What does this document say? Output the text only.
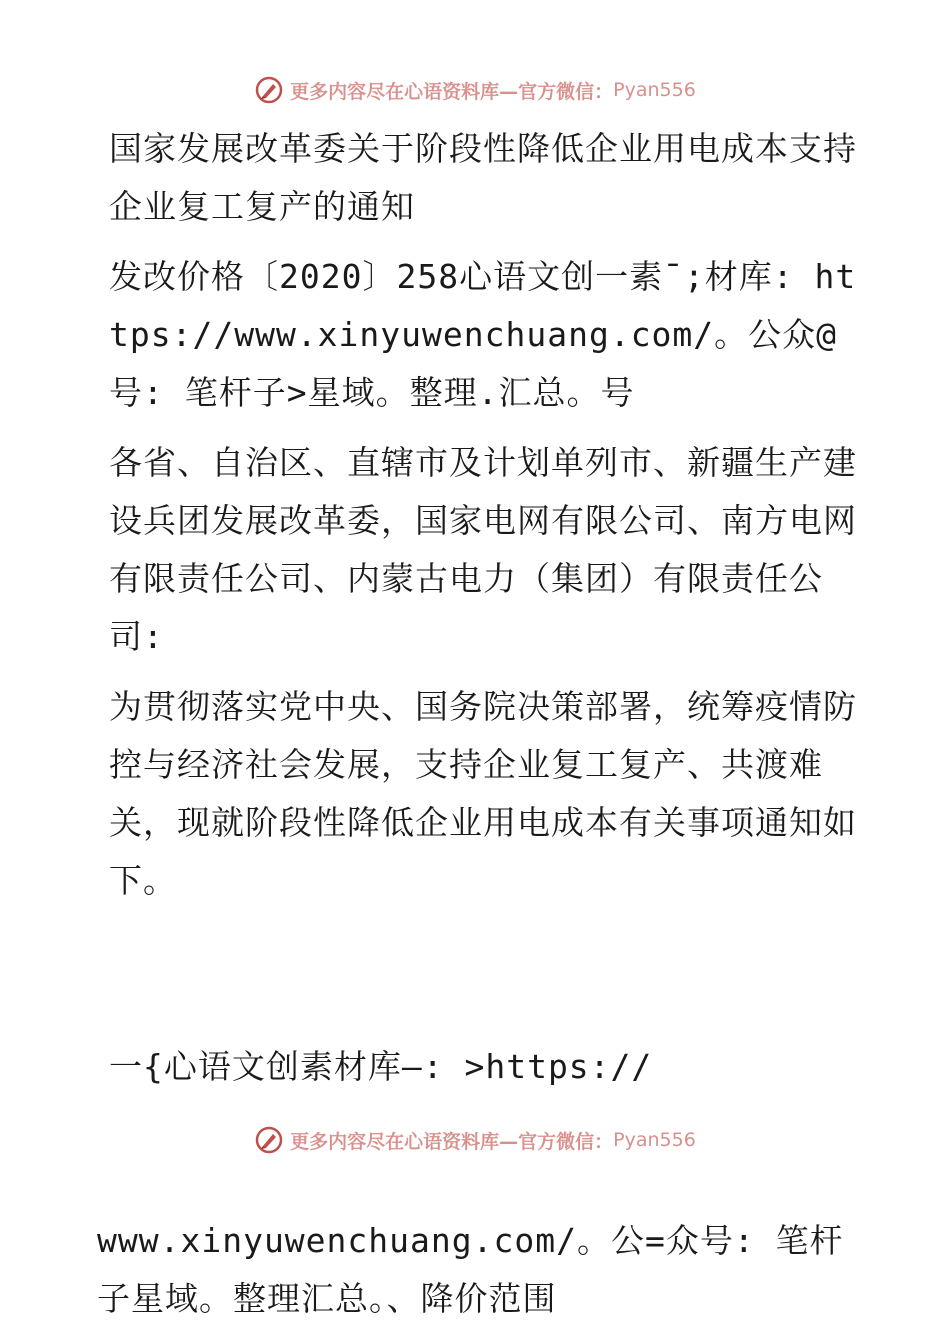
更多内容尽在心语资料库—官方微信： Pyan556

国家发展改革委关于阶段性降低企业用电成本支持企业复工复产的通知

发改价格〔2020〕258心语文创一素¯;材库: https://www.xinyuwenchuang.com/。公众@号: 笔杆子>星域。整理.汇总。号

各省、自治区、直辖市及计划单列市、新疆生产建设兵团发展改革委，国家电网有限公司、南方电网有限责任公司、内蒙古电力（集团）有限责任公司:

为贯彻落实党中央、国务院决策部署，统筹疫情防控与经济社会发展，支持企业复工复产、共渡难关，现就阶段性降低企业用电成本有关事项通知如下。

一{心语文创素材库—: >https://

www.xinyuwenchuang.com/。公=众号: 笔杆子星域。整理汇总。、降价范围
更多内容尽在心语资料库—官方微信： Pyan556
